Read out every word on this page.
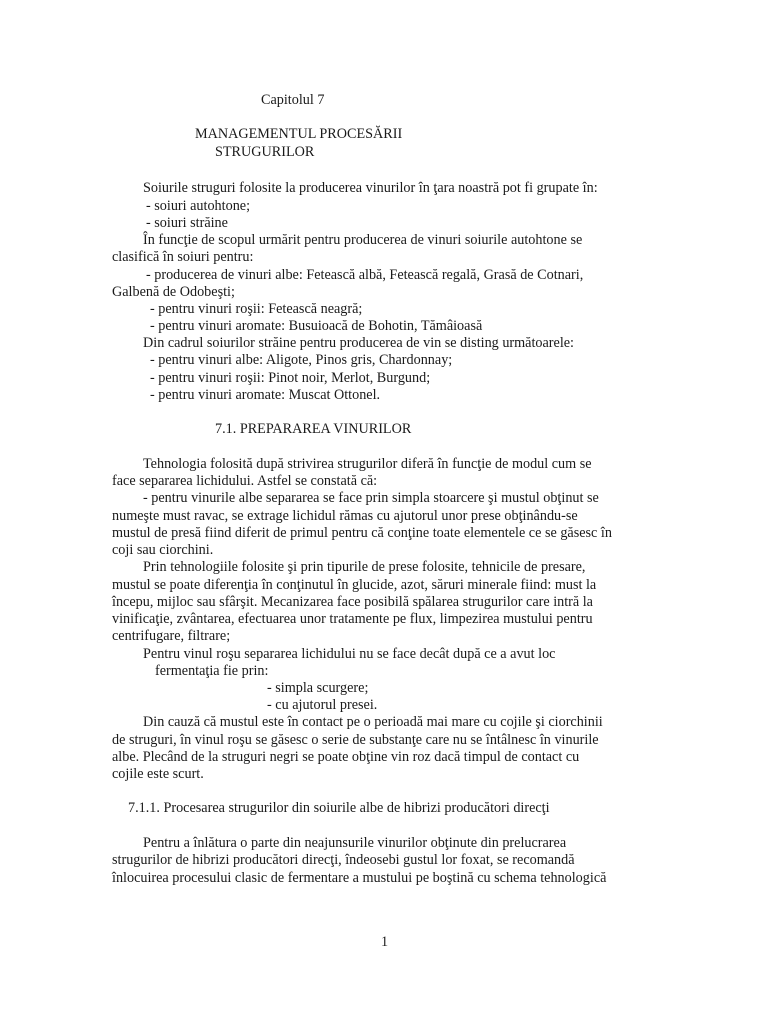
Capitolul 7
MANAGEMENTUL PROCESĂRII
STRUGURILOR
Soiurile struguri folosite la producerea vinurilor în ţara noastră pot fi grupate în:
- soiuri autohtone;
- soiuri străine
În funcţie de scopul urmărit pentru producerea de vinuri soiurile autohtone se
clasifică în soiuri pentru:
- producerea de vinuri albe: Fetească albă, Fetească regală, Grasă de Cotnari,
Galbenă de Odobeşti;
- pentru vinuri roşii: Fetească neagră;
- pentru vinuri aromate: Busuioacă de Bohotin, Tămâioasă
Din cadrul soiurilor străine pentru producerea de vin se disting următoarele:
- pentru vinuri albe: Aligote, Pinos gris, Chardonnay;
- pentru vinuri roşii: Pinot noir, Merlot, Burgund;
- pentru vinuri aromate: Muscat Ottonel.
7.1. PREPARAREA VINURILOR
Tehnologia folosită după strivirea strugurilor diferă în funcţie de modul cum se
face separarea lichidului. Astfel se constată că:
- pentru vinurile albe separarea se face prin simpla stoarcere şi mustul obţinut se
numeşte must ravac, se extrage lichidul rămas cu ajutorul unor prese obţinându-se
mustul de presă fiind diferit de primul pentru că conţine toate elementele ce se găsesc în
coji sau ciorchini.
Prin tehnologiile folosite şi prin tipurile de prese folosite, tehnicile de presare,
mustul se poate diferenţia în conţinutul în glucide, azot, săruri minerale fiind: must la
începu, mijloc sau sfârşit. Mecanizarea face posibilă spălarea strugurilor care intră la
vinificaţie, zvântarea, efectuarea unor tratamente pe flux, limpezirea mustului pentru
centrifugare, filtrare;
Pentru vinul roşu separarea lichidului nu se face decât după ce a avut loc
fermentaţia fie prin:
- simpla scurgere;
- cu ajutorul presei.
Din cauză că mustul este în contact pe o perioadă mai mare cu cojile şi ciorchinii
de struguri, în vinul roşu se găsesc o serie de substanţe care nu se întâlnesc în vinurile
albe. Plecând de la struguri negri se poate obţine vin roz dacă timpul de contact cu
cojile este scurt.
7.1.1. Procesarea strugurilor din soiurile albe de hibrizi producători direcţi
Pentru a înlătura o parte din neajunsurile vinurilor obţinute din prelucrarea
strugurilor de hibrizi producători direcţi, îndeosebi gustul lor foxat, se recomandă
înlocuirea procesului clasic de fermentare a mustului pe boştină cu schema tehnologică
1
